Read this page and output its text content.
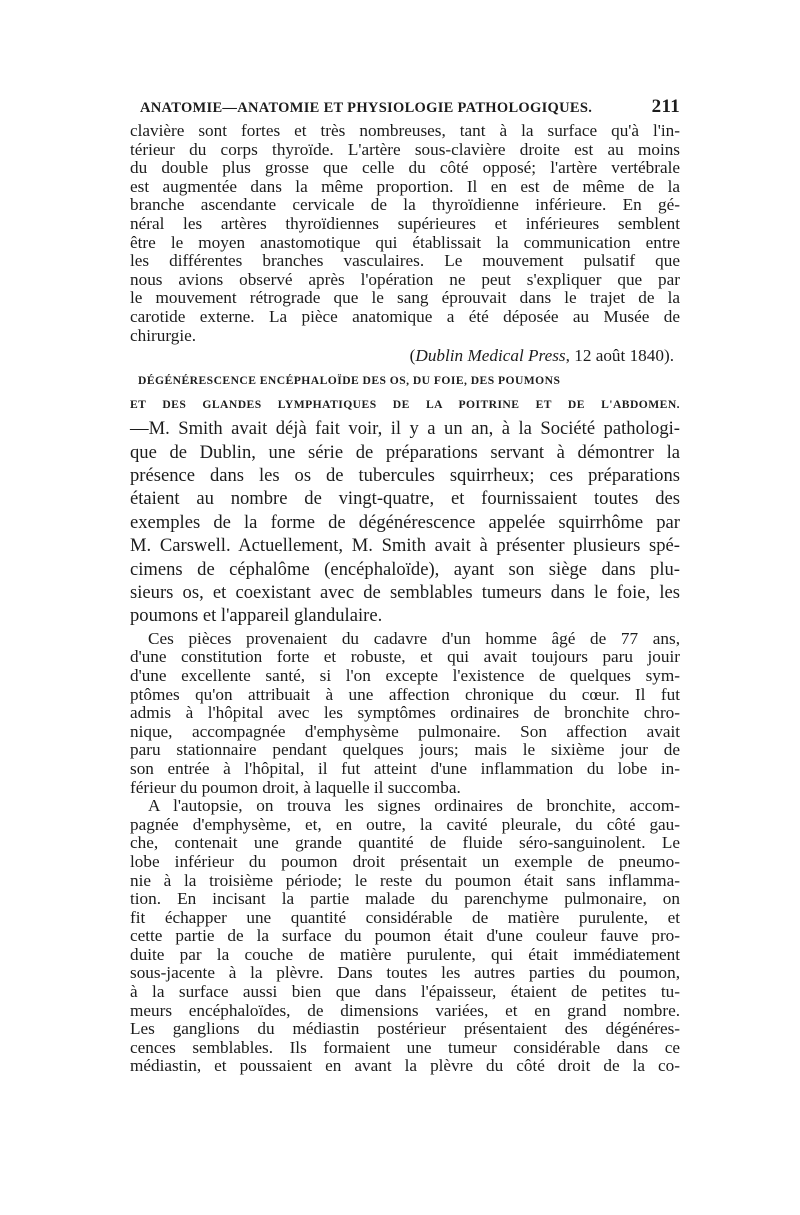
ANATOMIE—ANATOMIE ET PHYSIOLOGIE PATHOLOGIQUES.	211

clavière sont fortes et très nombreuses, tant à la surface qu'à l'in-
térieur du corps thyroïde. L'artère sous-clavière droite est au moins
du double plus grosse que celle du côté opposé; l'artère vertébrale
est augmentée dans la même proportion. Il en est de même de la
branche ascendante cervicale de la thyroïdienne inférieure. En gé-
néral les artères thyroïdiennes supérieures et inférieures semblent
être le moyen anastomotique qui établissait la communication entre
les différentes branches vasculaires. Le mouvement pulsatif que
nous avions observé après l'opération ne peut s'expliquer que par
le mouvement rétrograde que le sang éprouvait dans le trajet de la
carotide externe. La pièce anatomique a été déposée au Musée de
chirurgie.

(Dublin Medical Press, 12 août 1840).
DÉGÉNÉRESCENCE ENCÉPHALOÏDE DES OS, DU FOIE, DES POUMONS
ET DES GLANDES LYMPHATIQUES DE LA POITRINE ET DE L'ABDOMEN.

—M. Smith avait déjà fait voir, il y a un an, à la Société pathologi-
que de Dublin, une série de préparations servant à démontrer la
présence dans les os de tubercules squirrheux; ces préparations
étaient au nombre de vingt-quatre, et fournissaient toutes des
exemples de la forme de dégénérescence appelée squirrhôme par
M. Carswell. Actuellement, M. Smith avait à présenter plusieurs spé-
cimens de céphalôme (encéphaloïde), ayant son siège dans plu-
sieurs os, et coexistant avec de semblables tumeurs dans le foie, les
poumons et l'appareil glandulaire.

Ces pièces provenaient du cadavre d'un homme âgé de 77 ans,
d'une constitution forte et robuste, et qui avait toujours paru jouir
d'une excellente santé, si l'on excepte l'existence de quelques sym-
ptômes qu'on attribuait à une affection chronique du cœur. Il fut
admis à l'hôpital avec les symptômes ordinaires de bronchite chro-
nique, accompagnée d'emphysème pulmonaire. Son affection avait
paru stationnaire pendant quelques jours; mais le sixième jour de
son entrée à l'hôpital, il fut atteint d'une inflammation du lobe in-
férieur du poumon droit, à laquelle il succomba.

A l'autopsie, on trouva les signes ordinaires de bronchite, accom-
pagnée d'emphysème, et, en outre, la cavité pleurale, du côté gau-
che, contenait une grande quantité de fluide séro-sanguinolent. Le
lobe inférieur du poumon droit présentait un exemple de pneumo-
nie à la troisième période; le reste du poumon était sans inflamma-
tion. En incisant la partie malade du parenchyme pulmonaire, on
fit échapper une quantité considérable de matière purulente, et
cette partie de la surface du poumon était d'une couleur fauve pro-
duite par la couche de matière purulente, qui était immédiatement
sous-jacente à la plèvre. Dans toutes les autres parties du poumon,
à la surface aussi bien que dans l'épaisseur, étaient de petites tu-
meurs encéphaloïdes, de dimensions variées, et en grand nombre.
Les ganglions du médiastin postérieur présentaient des dégénéres-
cences semblables. Ils formaient une tumeur considérable dans ce
médiastin, et poussaient en avant la plèvre du côté droit de la co-
